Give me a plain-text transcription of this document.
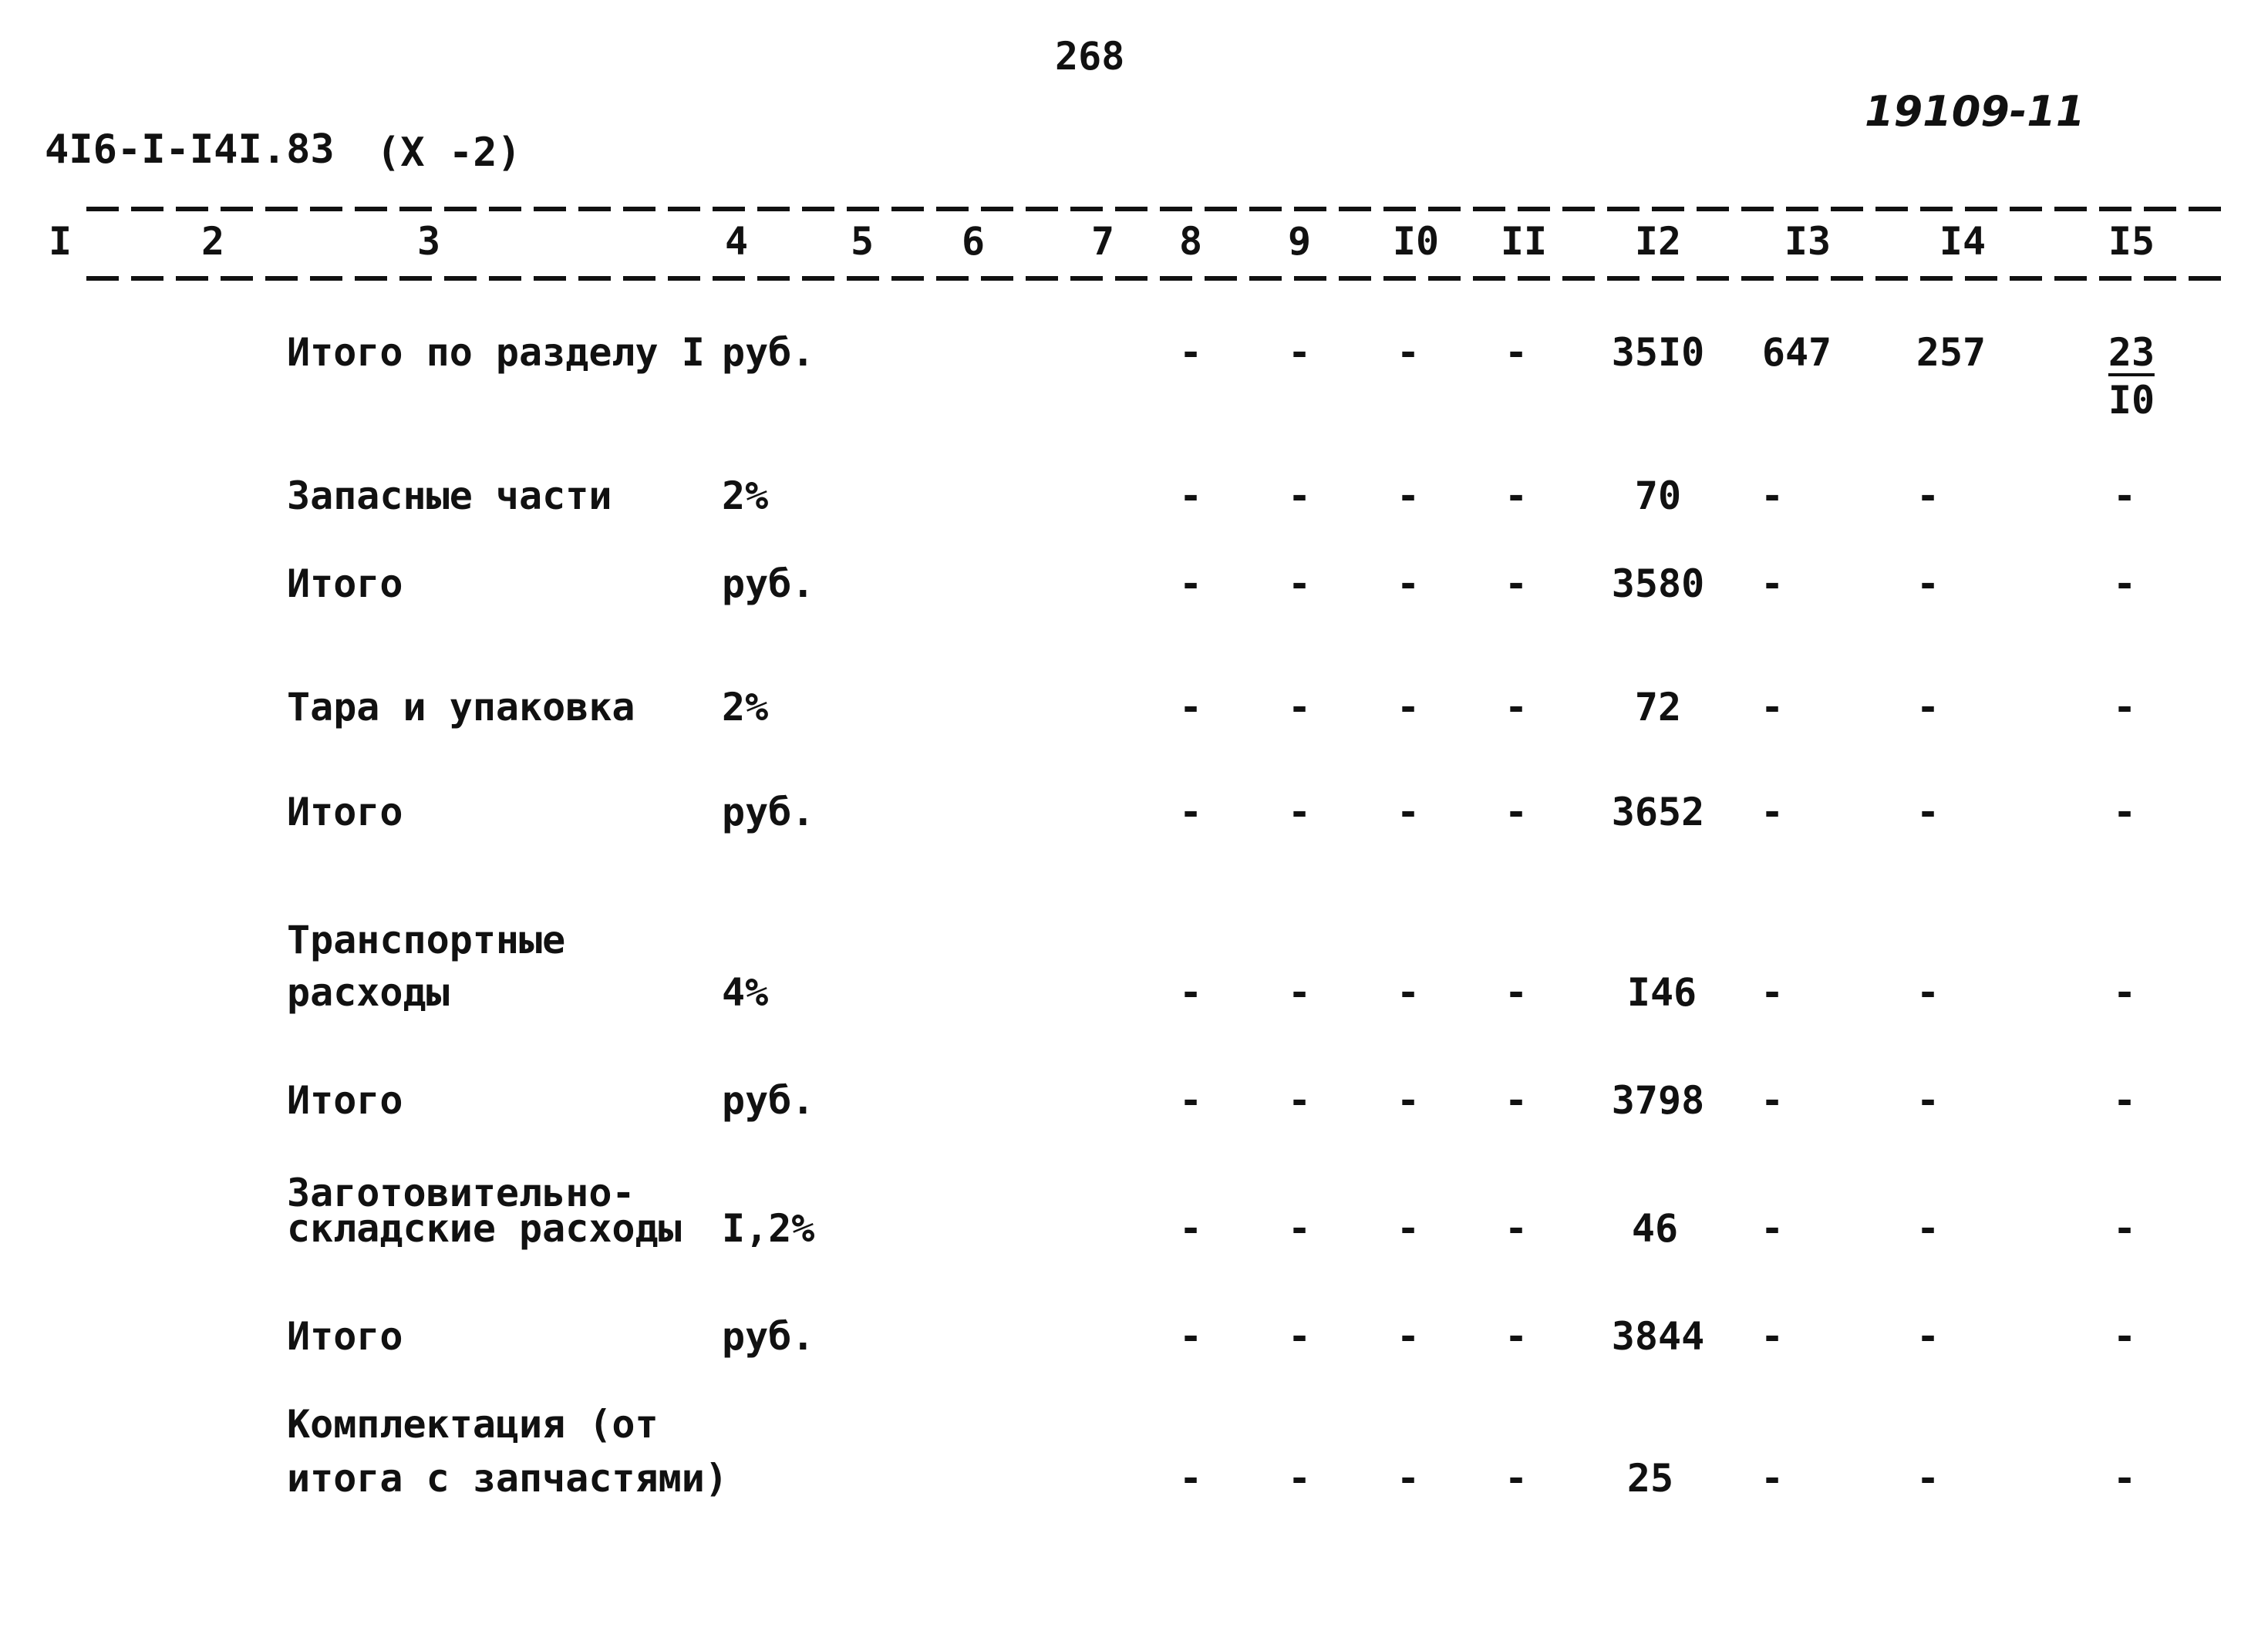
268
4I6-I-I4I.83 (X -2)
19109-11
I	2	3	4	5 6	7 8 9 I0 II I2	I3	I4	I5
Итого по разделу I руб.	- - - - 35I0 647 257	$\frac{23}{I0}$
Запасные части	2%	- - - -	70 -	-	-
Итого	руб.	- - - - 3580 -	-	-
Тара и упаковка 2%	- - - -	72 -	-	-
Итого	руб.	- - - - 3652 -	-	-
Транспортные
расходы	4%	- - - -	I46 -	-	-
Итого	руб.	- - - - 3798 -	-	-
Заготовительно-
складские расходы I,2%	- - - -	46 -	-	-
Итого	руб.	- - - - 3844 -	-	-
Комплектация (от
итога с запчастями)	- - - -	25 -	-	-
